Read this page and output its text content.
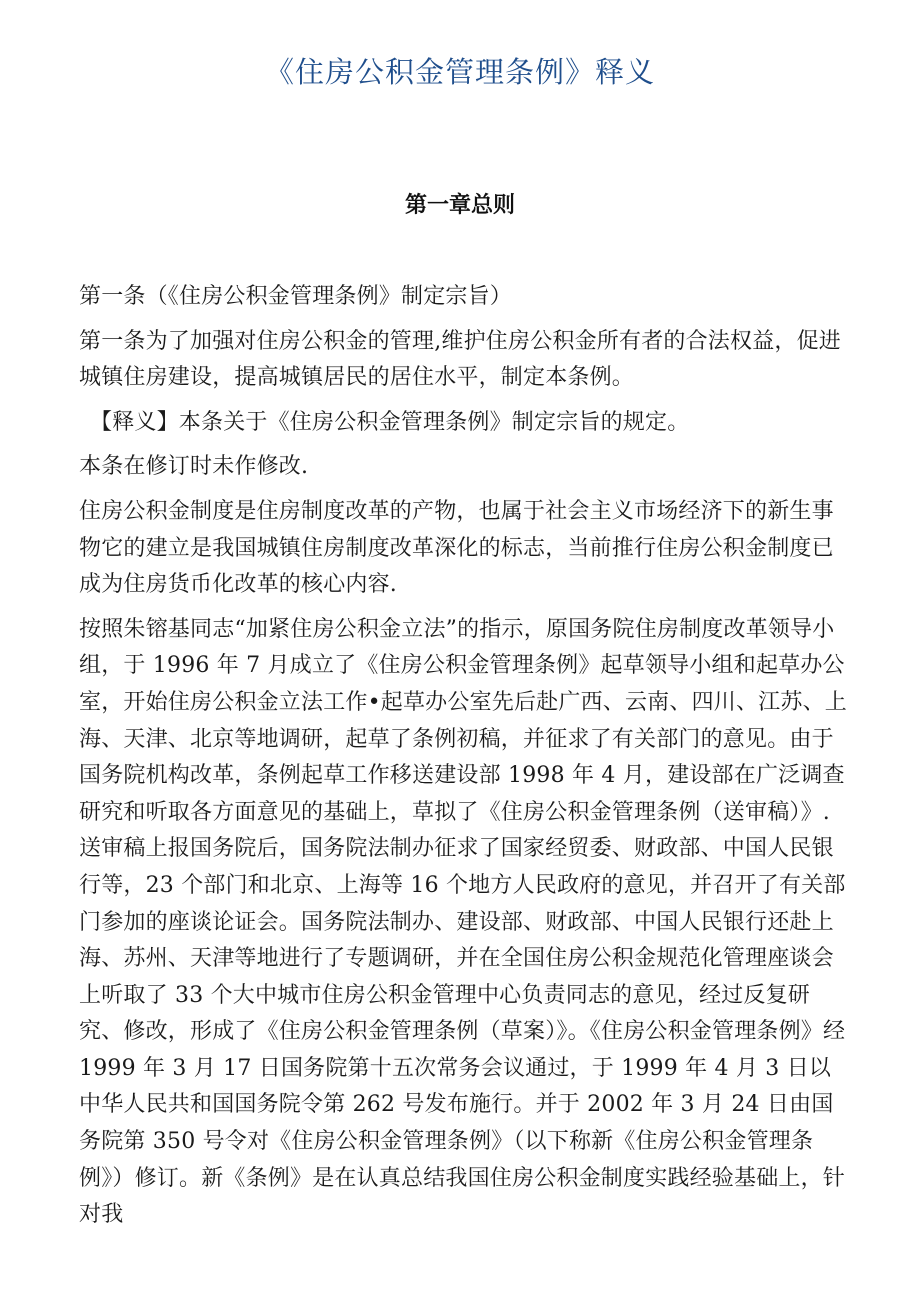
《住房公积金管理条例》释义
第一章总则

第一条（《住房公积金管理条例》制定宗旨）

第一条为了加强对住房公积金的管理,维护住房公积金所有者的合法权益，促进城镇住房建设，提高城镇居民的居住水平，制定本条例。

【释义】本条关于《住房公积金管理条例》制定宗旨的规定。

本条在修订时未作修改.

住房公积金制度是住房制度改革的产物，也属于社会主义市场经济下的新生事物它的建立是我国城镇住房制度改革深化的标志，当前推行住房公积金制度已成为住房货币化改革的核心内容.

按照朱镕基同志“加紧住房公积金立法”的指示，原国务院住房制度改革领导小组，于 1996 年 7 月成立了《住房公积金管理条例》起草领导小组和起草办公室，开始住房公积金立法工作•起草办公室先后赴广西、云南、四川、江苏、上海、天津、北京等地调研，起草了条例初稿，并征求了有关部门的意见。由于国务院机构改革，条例起草工作移送建设部 1998 年 4 月，建设部在广泛调查研究和听取各方面意见的基础上，草拟了《住房公积金管理条例（送审稿）》.送审稿上报国务院后，国务院法制办征求了国家经贸委、财政部、中国人民银行等，23 个部门和北京、上海等 16 个地方人民政府的意见，并召开了有关部门参加的座谈论证会。国务院法制办、建设部、财政部、中国人民银行还赴上海、苏州、天津等地进行了专题调研，并在全国住房公积金规范化管理座谈会上听取了 33 个大中城市住房公积金管理中心负责同志的意见，经过反复研究、修改，形成了《住房公积金管理条例（草案）》。《住房公积金管理条例》经 1999 年 3 月 17 日国务院第十五次常务会议通过，于 1999 年 4 月 3 日以中华人民共和国国务院令第 262 号发布施行。并于 2002 年 3 月 24 日由国务院第 350 号令对《住房公积金管理条例》（以下称新《住房公积金管理条例》）修订。新《条例》是在认真总结我国住房公积金制度实践经验基础上，针对我
